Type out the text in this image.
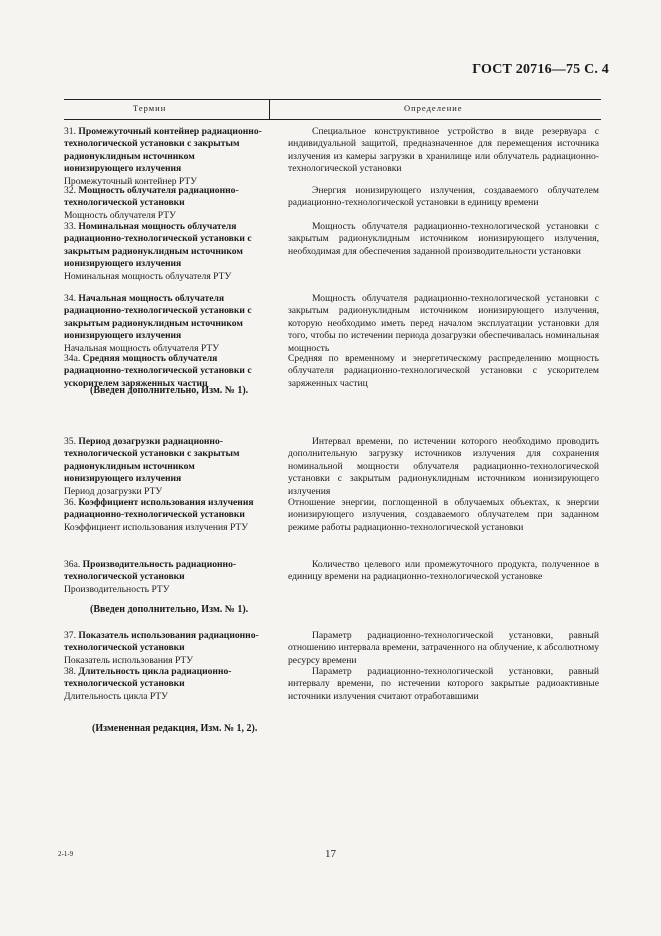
ГОСТ 20716—75 С. 4
Термин	Определение
31. Промежуточный контейнер радиационно-технологической установки с закрытым радионуклидным источником ионизирующего излучения
Промежуточный контейнер РТУ

Специальное конструктивное устройство в виде резервуара с индивидуальной защитой, предназначенное для перемещения источника излучения из камеры загрузки в хранилище или облучатель радиационно-технологической установки

32. Мощность облучателя радиационно-технологической установки
Мощность облучателя РТУ

Энергия ионизирующего излучения, создаваемого облучателем радиационно-технологической установки в единицу времени

33. Номинальная мощность облучателя радиационно-технологической установки с закрытым радионуклидным источником ионизирующего излучения
Номинальная мощность облучателя РТУ

Мощность облучателя радиационно-технологической установки с закрытым радионуклидным источником ионизирующего излучения, необходимая для обеспечения заданной производительности установки

34. Начальная мощность облучателя радиационно-технологической установки с закрытым радионуклидным источником ионизирующего излучения
Начальная мощность облучателя РТУ

Мощность облучателя радиационно-технологической установки с закрытым радионуклидным источником ионизирующего излучения, которую необходимо иметь перед началом эксплуатации установки для того, чтобы по истечении периода дозагрузки обеспечивалась номинальная мощность

34а. Средняя мощность облучателя радиационно-технологической установки с ускорителем заряженных частиц

Средняя по временному и энергетическому распределению мощность облучателя радиационно-технологической установки с ускорителем заряженных частиц

(Введен дополнительно, Изм. № 1).
35. Период дозагрузки радиационно-технологической установки с закрытым радионуклидным источником ионизирующего излучения
Период дозагрузки РТУ

Интервал времени, по истечении которого необходимо проводить дополнительную загрузку источников излучения для сохранения номинальной мощности облучателя радиационно-технологической установки с закрытым радионуклидным источником ионизирующего излучения

36. Коэффициент использования излучения радиационно-технологической установки
Коэффициент использования излучения РТУ

Отношение энергии, поглощенной в облучаемых объектах, к энергии ионизирующего излучения, создаваемого облучателем при заданном режиме работы радиационно-технологической установки

36а. Производительность радиационно-технологической установки
Производительность РТУ

Количество целевого или промежуточного продукта, полученное в единицу времени на радиационно-технологической установке

(Введен дополнительно, Изм. № 1).
37. Показатель использования радиационно-технологической установки
Показатель использования РТУ

Параметр радиационно-технологической установки, равный отношению интервала времени, затраченного на облучение, к абсолютному ресурсу времени

38. Длительность цикла радиационно-технологической установки
Длительность цикла РТУ

Параметр радиационно-технологической установки, равный интервалу времени, по истечении которого закрытые радиоактивные источники излучения считают отработавшими

(Измененная редакция, Изм. № 1, 2).
2-1-9	17
